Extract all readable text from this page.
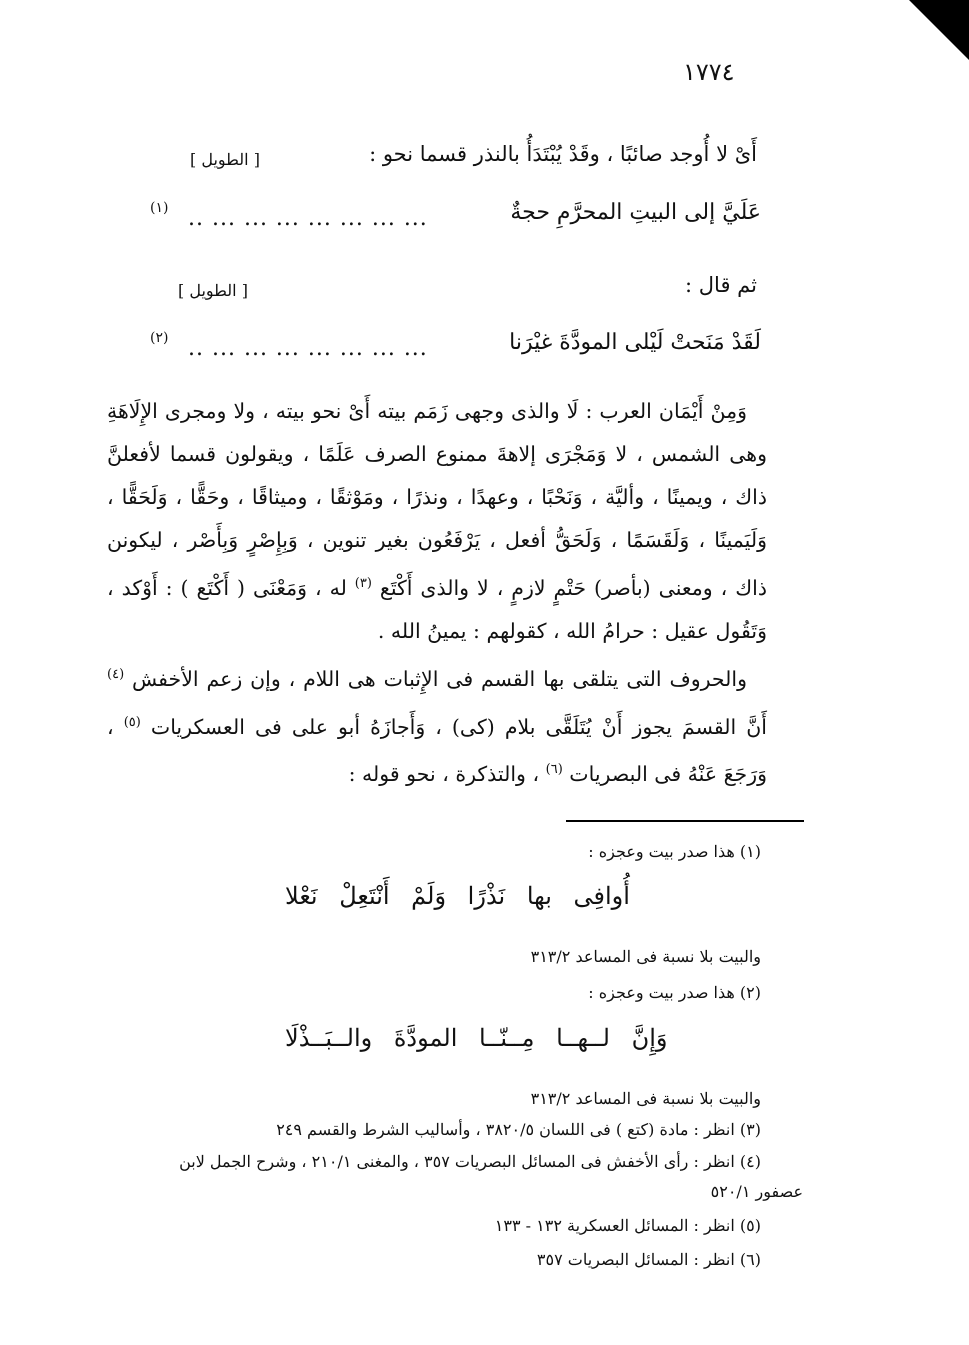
١٧٧٤
أَىْ لا أُوجد صائبًا ، وقَدْ يُبْتَدَأُ بالنذر قسما نحو :
[ الطويل ]
عَلَيَّ إلى البيتِ المحرَّمِ حجةٌ
... ... ... ... ... ... ... ..
(١)
ثم قال :
[ الطويل ]
لَقَدْ مَنَحتْ لَيْلى المودَّةَ غيْرَنا
... ... ... ... ... ... ... ..
(٢)

وَمِنْ أَيْمَان العرب : لَا والذى وجهى زَمَم بيته أَىْ نحو بيته ، ولا ومجرى الإِلَاهَةِ وهى الشمس ، لا وَمَجْرَى إلاهةَ ممنوع الصرف عَلَمًا ، ويقولون قسما لأفعلنَّ ذاك ، ويمينًا ، وأليَّة ، وَنَحْبًا ، وعهدًا ، ونذرًا ، ومَوْثقًا ، وميثاقًا ، وحَقًّا ، وَلَحَقًّا ، وَلَيَمينًا ، وَلَقَسَمًا ، وَلَحَقُّ أفعل ، يَرْفَعُون بغير تنوين ، وَبِإِصْرٍ وَبِأَصْر ، ليكونن ذاك ، ومعنى (بأصر) حَتْمٍ لازمٍ ، لا والذى أَكْتَع $^{(٣)}$ له ، وَمَعْنَى ( أَكْتَع ) : أَوْكد ، وَتَقُول عقيل : حرامُ الله ، كقولهم : يمينُ الله .

والحروف التى يتلقى بها القسم فى الإِثبات هى اللام ، وإن زعم الأخفش $^{(٤)}$ أَنَّ القسمَ يجوز أَنْ يُتَلَقَّى بلام (كى) ، وَأَجازَهُ أبو على فى العسكريات $^{(٥)}$ ، وَرَجَعَ عَنْهُ فى البصريات $^{(٦)}$ ، والتذكرة ، نحو قوله :

(١) هذا صدر بيت وعجزه :
أُوافِى بها نَذْرًا وَلَمْ أَنْتَعِلْ نَعْلا
والبيت بلا نسبة فى المساعد ٣١٣/٢
(٢) هذا صدر بيت وعجزه :
وَإِنَّ لــهــا مِــنّــا المودَّةَ والــبَــذْلَا
والبيت بلا نسبة فى المساعد ٣١٣/٢
(٣) انظر : مادة (كتع ) فى اللسان ٣٨٢٠/٥ ، وأساليب الشرط والقسم ٢٤٩
(٤) انظر : رأى الأخفش فى المسائل البصريات ٣٥٧ ، والمغنى ٢١٠/١ ، وشرح الجمل لابن
عصفور ٥٢٠/١
(٥) انظر : المسائل العسكرية ١٣٢ - ١٣٣
(٦) انظر : المسائل البصريات ٣٥٧
